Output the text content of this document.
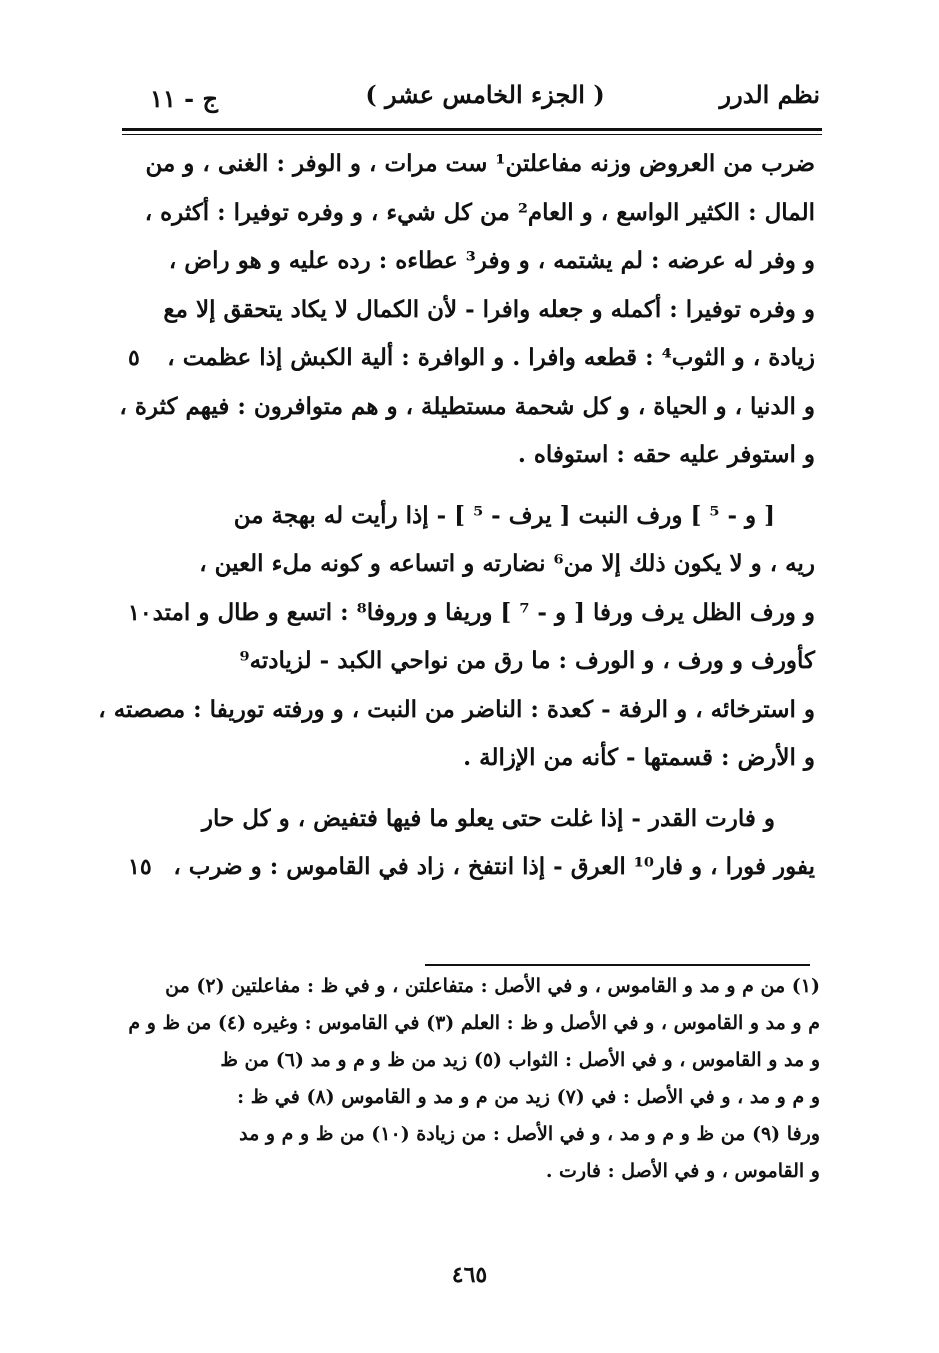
نظم الدرر
( الجزء الخامس عشر )
ج - ١١
ضرب من العروض وزنه مفاعلتن¹ ست مرات ، و الوفر : الغنى ، و من
المال : الكثير الواسع ، و العام² من كل شيء ، و وفره توفيرا : أكثره ،
و وفر له عرضه : لم يشتمه ، و وفر³ عطاءه : رده عليه و هو راض ،
و وفره توفيرا : أكمله و جعله وافرا - لأن الكمال لا يكاد يتحقق إلا مع
زيادة ، و الثوب⁴ : قطعه وافرا . و الوافرة : ألية الكبش إذا عظمت ،
٥
و الدنيا ، و الحياة ، و كل شحمة مستطيلة ، و هم متوافرون : فيهم كثرة ،
و استوفر عليه حقه : استوفاه .
[ و - ⁵ ] ورف النبت [ يرف - ⁵ ] - إذا رأيت له بهجة من
ريه ، و لا يكون ذلك إلا من⁶ نضارته و اتساعه و كونه ملء العين ،
و ورف الظل يرف ورفا [ و - ⁷ ] وريفا و وروفا⁸ : اتسع و طال و امتد
١٠
كأورف و ورف ، و الورف : ما رق من نواحي الكبد - لزيادته⁹
و استرخائه ، و الرفة - كعدة : الناضر من النبت ، و ورفته توريفا : مصصته ،
و الأرض : قسمتها - كأنه من الإزالة .
و فارت القدر - إذا غلت حتى يعلو ما فيها فتفيض ، و كل حار
يفور فورا ، و فار¹⁰ العرق - إذا انتفخ ، زاد في القاموس : و ضرب ،
١٥
(١) من م و مد و القاموس ، و في الأصل : متفاعلتن ، و في ظ : مفاعلتين (٢) من
م و مد و القاموس ، و في الأصل و ظ : العلم (٣) في القاموس : وغيره (٤) من ظ و م
و مد و القاموس ، و في الأصل : الثواب (٥) زيد من ظ و م و مد (٦) من ظ
و م و مد ، و في الأصل : في (٧) زيد من م و مد و القاموس (٨) في ظ :
ورفا (٩) من ظ و م و مد ، و في الأصل : من زيادة (١٠) من ظ و م و مد
و القاموس ، و في الأصل : فارت .
٤٦٥
